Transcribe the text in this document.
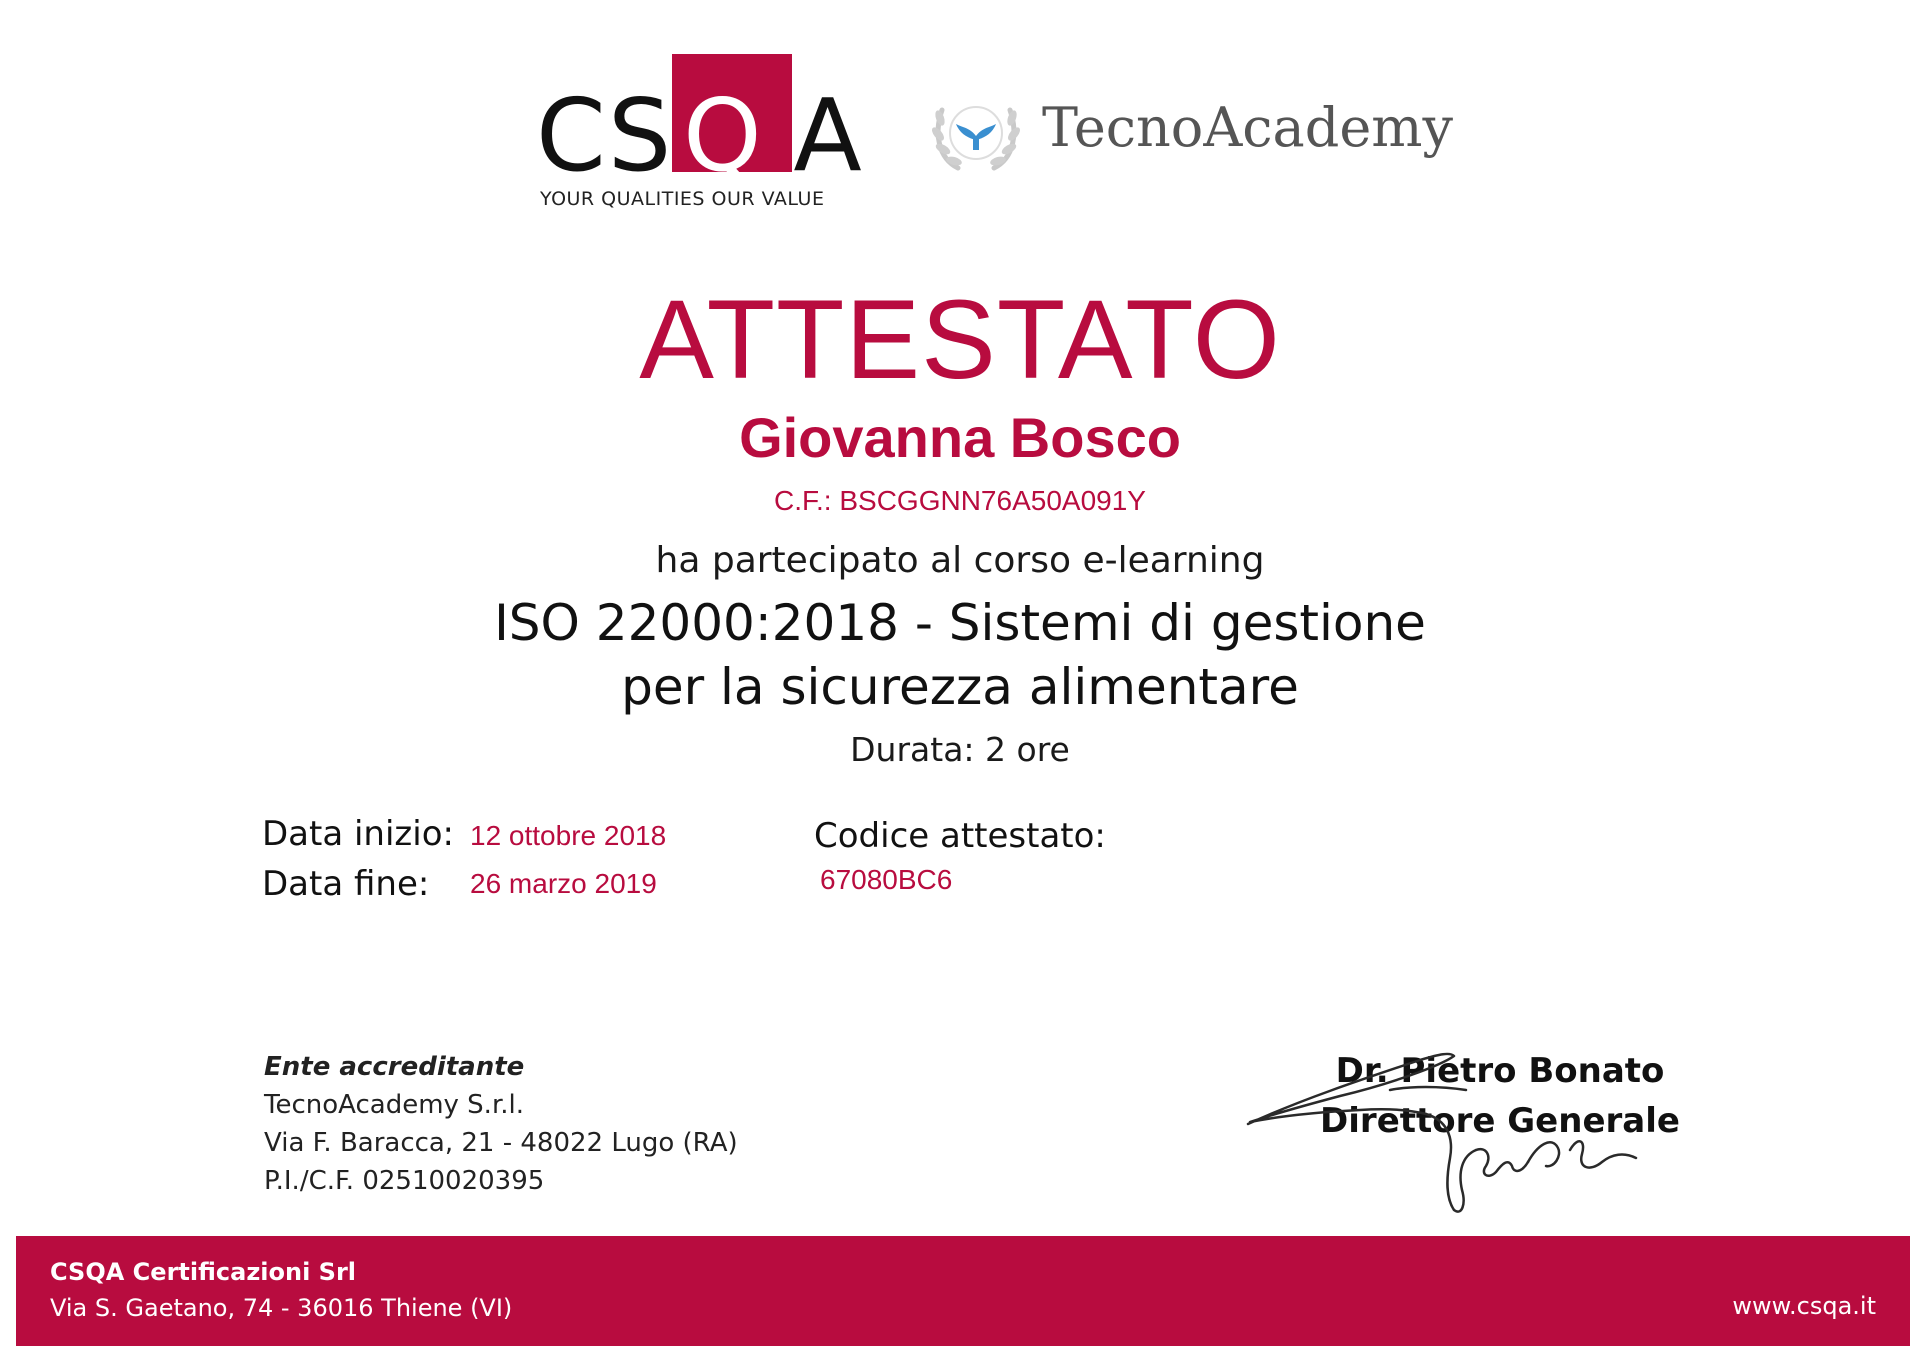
CS A
Q
YOUR QUALITIES OUR VALUE
TecnoAcademy
ATTESTATO
Giovanna Bosco
C.F.: BSCGGNN76A50A091Y
ha partecipato al corso e-learning
ISO 22000:2018 - Sistemi di gestione
per la sicurezza alimentare
Durata: 2 ore
Data inizio: 12 ottobre 2018
Data fine: 26 marzo 2019
Codice attestato:
67080BC6
Ente accreditante
TecnoAcademy S.r.l.
Via F. Baracca, 21 - 48022 Lugo (RA)
P.I./C.F. 02510020395
Dr. Pietro Bonato
Direttore Generale
CSQA Certificazioni Srl
Via S. Gaetano, 74 - 36016 Thiene (VI)	www.csqa.it
